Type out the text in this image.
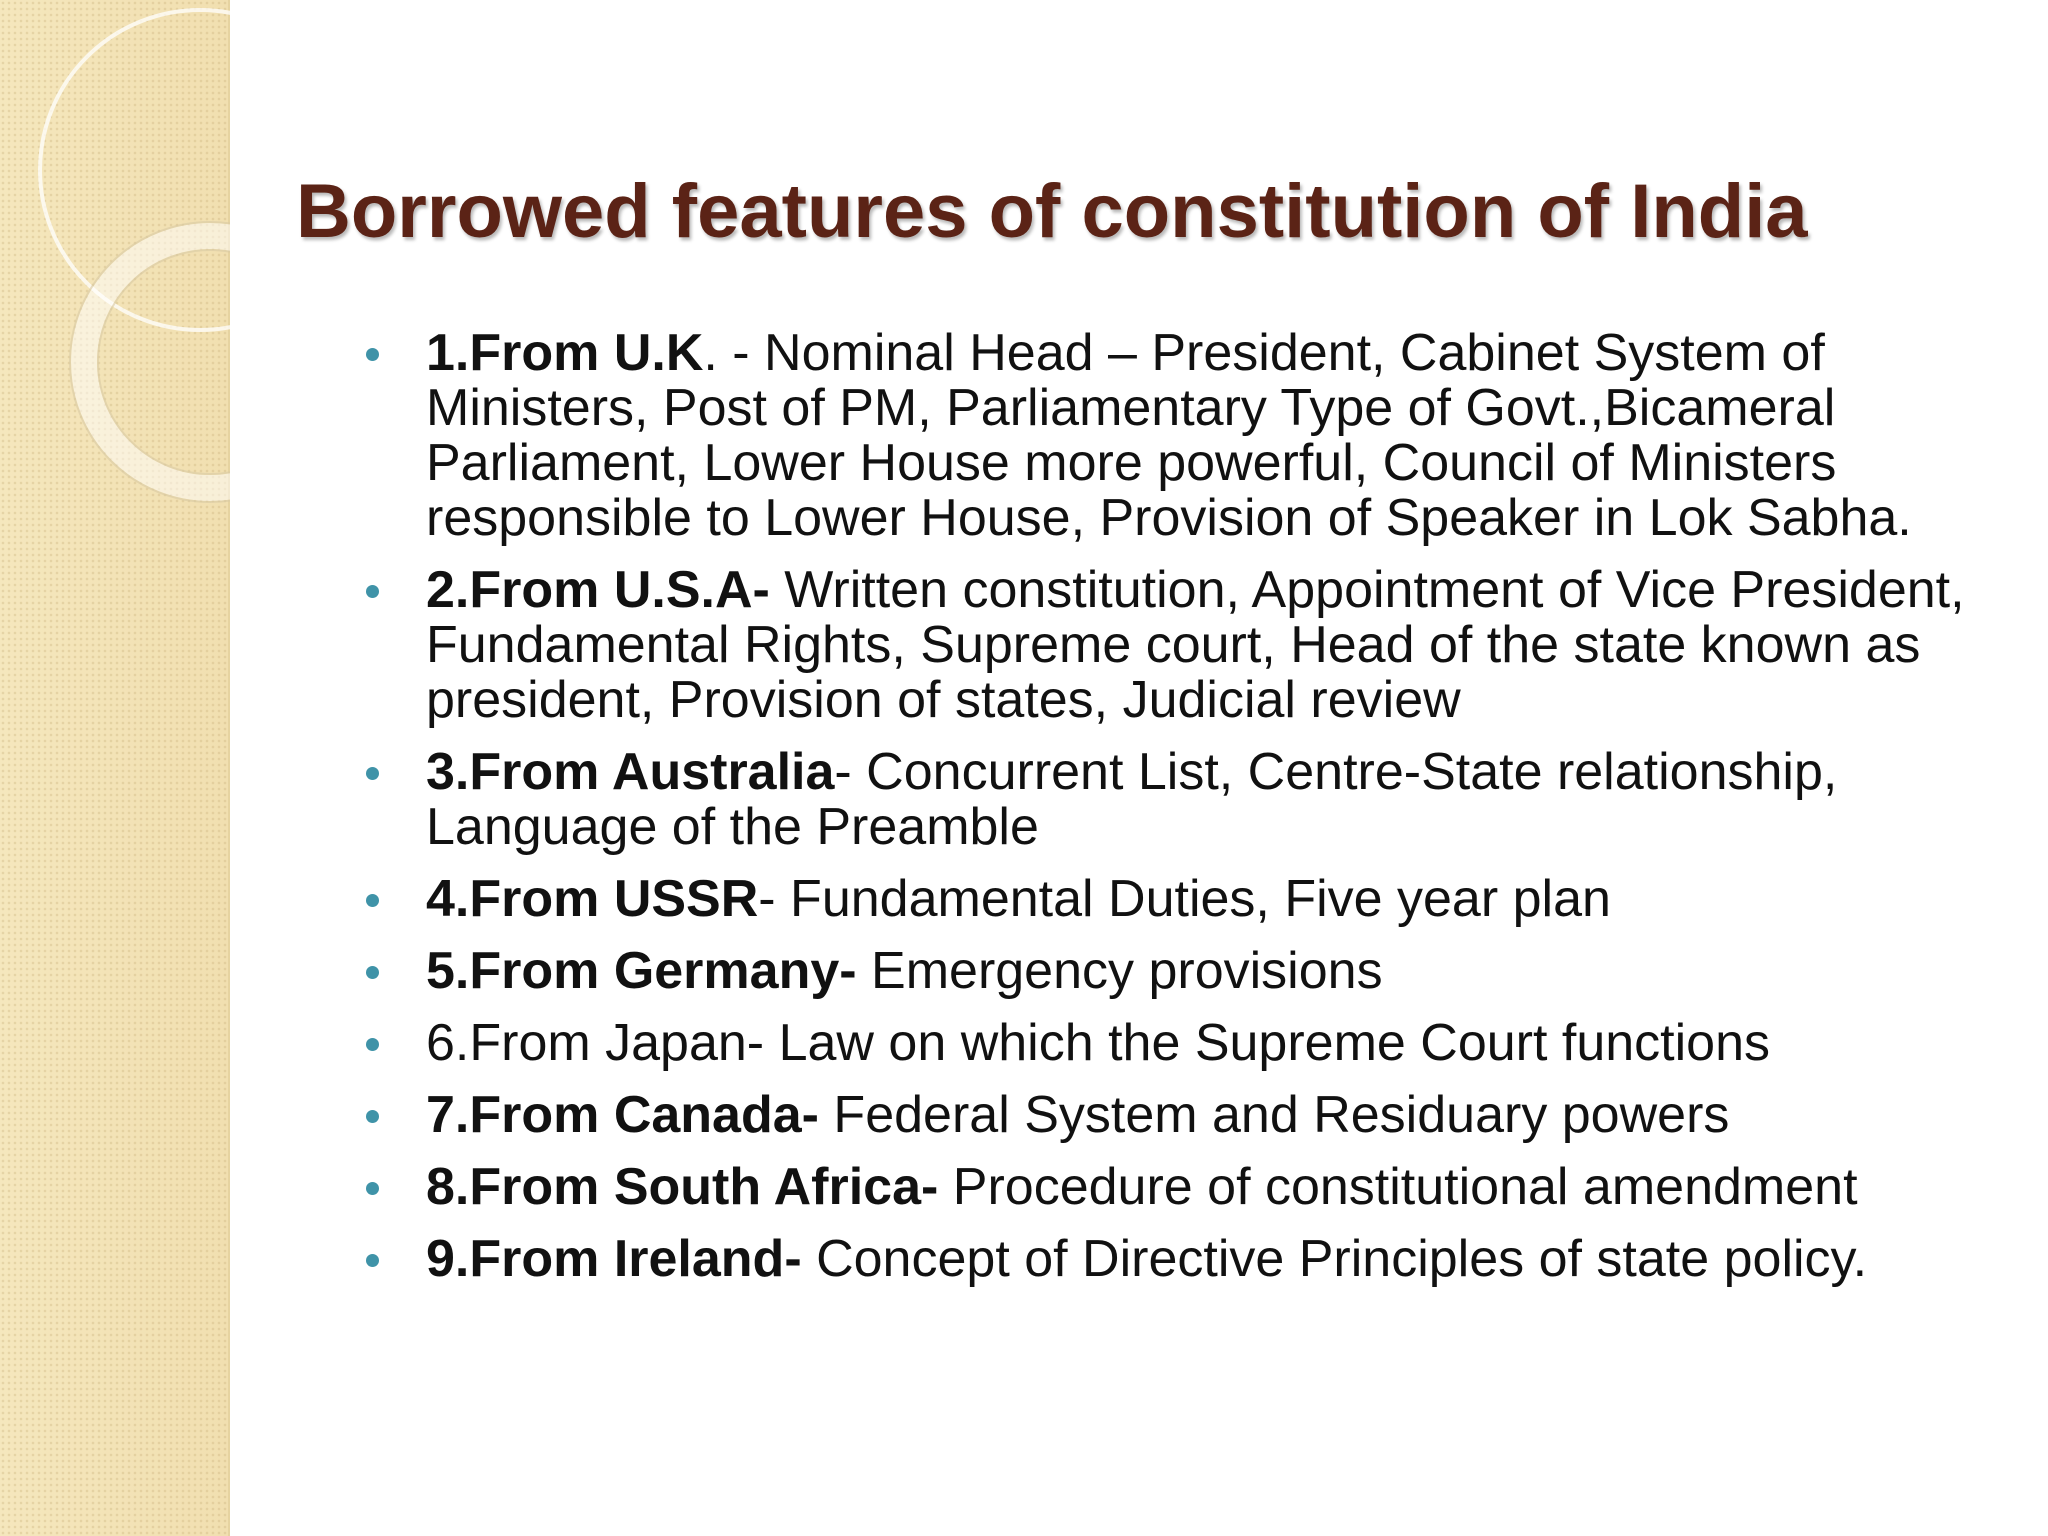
Borrowed features of constitution of India
1.From U.K. - Nominal Head – President, Cabinet System of Ministers, Post of PM, Parliamentary Type of Govt.,Bicameral Parliament, Lower House more powerful, Council of Ministers responsible to Lower House, Provision of Speaker in Lok Sabha.
2.From U.S.A- Written constitution, Appointment of Vice President, Fundamental Rights, Supreme court, Head of the state known as president, Provision of states, Judicial review
3.From Australia- Concurrent List, Centre-State relationship, Language of the Preamble
4.From USSR- Fundamental Duties, Five year plan
5.From Germany- Emergency provisions
6.From Japan- Law on which the Supreme Court functions
7.From Canada- Federal System and Residuary powers
8.From South Africa- Procedure of constitutional amendment
9.From Ireland- Concept of Directive Principles of state policy.
